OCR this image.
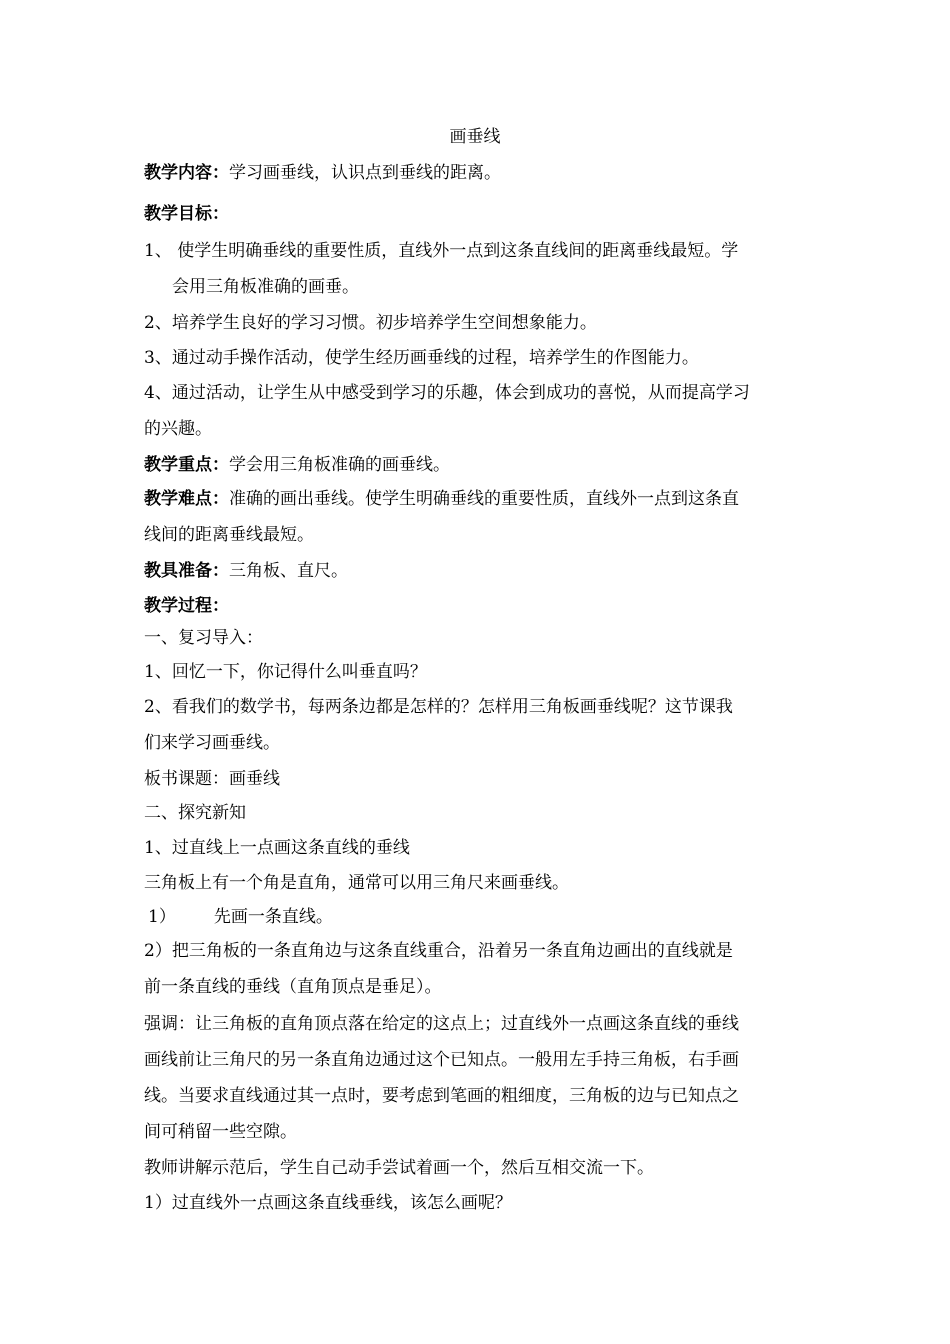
画垂线
教学内容：学习画垂线，认识点到垂线的距离。
教学目标：
1、 使学生明确垂线的重要性质，直线外一点到这条直线间的距离垂线最短。学
会用三角板准确的画垂。
2、培养学生良好的学习习惯。初步培养学生空间想象能力。
3、通过动手操作活动，使学生经历画垂线的过程，培养学生的作图能力。
4、通过活动，让学生从中感受到学习的乐趣，体会到成功的喜悦，从而提高学习
的兴趣。
教学重点：学会用三角板准确的画垂线。
教学难点：准确的画出垂线。使学生明确垂线的重要性质，直线外一点到这条直
线间的距离垂线最短。
教具准备：三角板、直尺。
教学过程：
一、复习导入：
1、回忆一下，你记得什么叫垂直吗？
2、看我们的数学书，每两条边都是怎样的？怎样用三角板画垂线呢？这节课我
们来学习画垂线。
板书课题：画垂线
二、探究新知
1、过直线上一点画这条直线的垂线
三角板上有一个角是直角，通常可以用三角尺来画垂线。
1） 先画一条直线。
2）把三角板的一条直角边与这条直线重合，沿着另一条直角边画出的直线就是
前一条直线的垂线（直角顶点是垂足）。
强调：让三角板的直角顶点落在给定的这点上；过直线外一点画这条直线的垂线
画线前让三角尺的另一条直角边通过这个已知点。一般用左手持三角板，右手画
线。当要求直线通过其一点时，要考虑到笔画的粗细度，三角板的边与已知点之
间可稍留一些空隙。
教师讲解示范后，学生自己动手尝试着画一个，然后互相交流一下。
1）过直线外一点画这条直线垂线，该怎么画呢？
